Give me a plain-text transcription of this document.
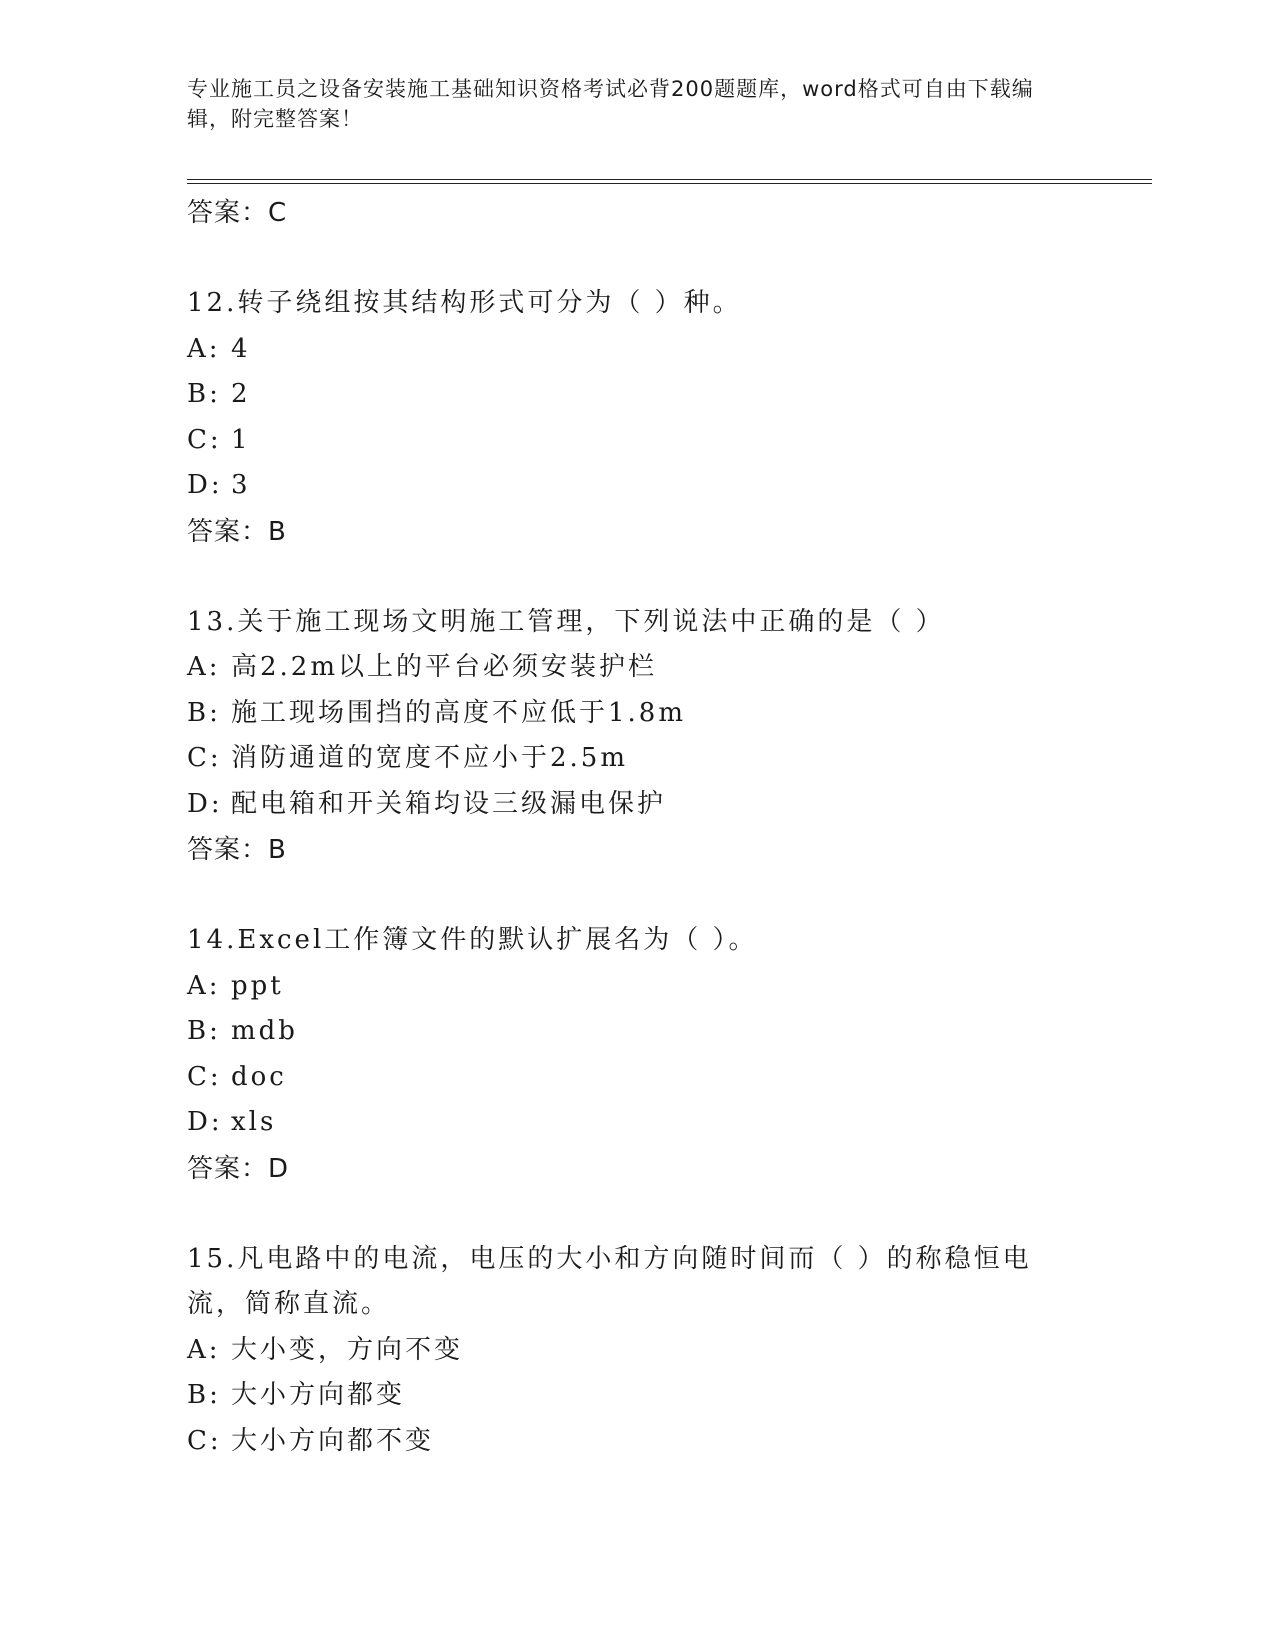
专业施工员之设备安装施工基础知识资格考试必背200题题库，word格式可自由下载编辑，附完整答案！
答案：C
12.转子绕组按其结构形式可分为（ ）种。
A: 4
B: 2
C: 1
D: 3
答案：B
13.关于施工现场文明施工管理，下列说法中正确的是（ ）
A: 高2.2m以上的平台必须安装护栏
B: 施工现场围挡的高度不应低于1.8m
C: 消防通道的宽度不应小于2.5m
D: 配电箱和开关箱均设三级漏电保护
答案：B
14.Excel工作簿文件的默认扩展名为（ ）。
A: ppt
B: mdb
C: doc
D: xls
答案：D
15.凡电路中的电流，电压的大小和方向随时间而（ ）的称稳恒电流，简称直流。
A: 大小变，方向不变
B: 大小方向都变
C: 大小方向都不变
